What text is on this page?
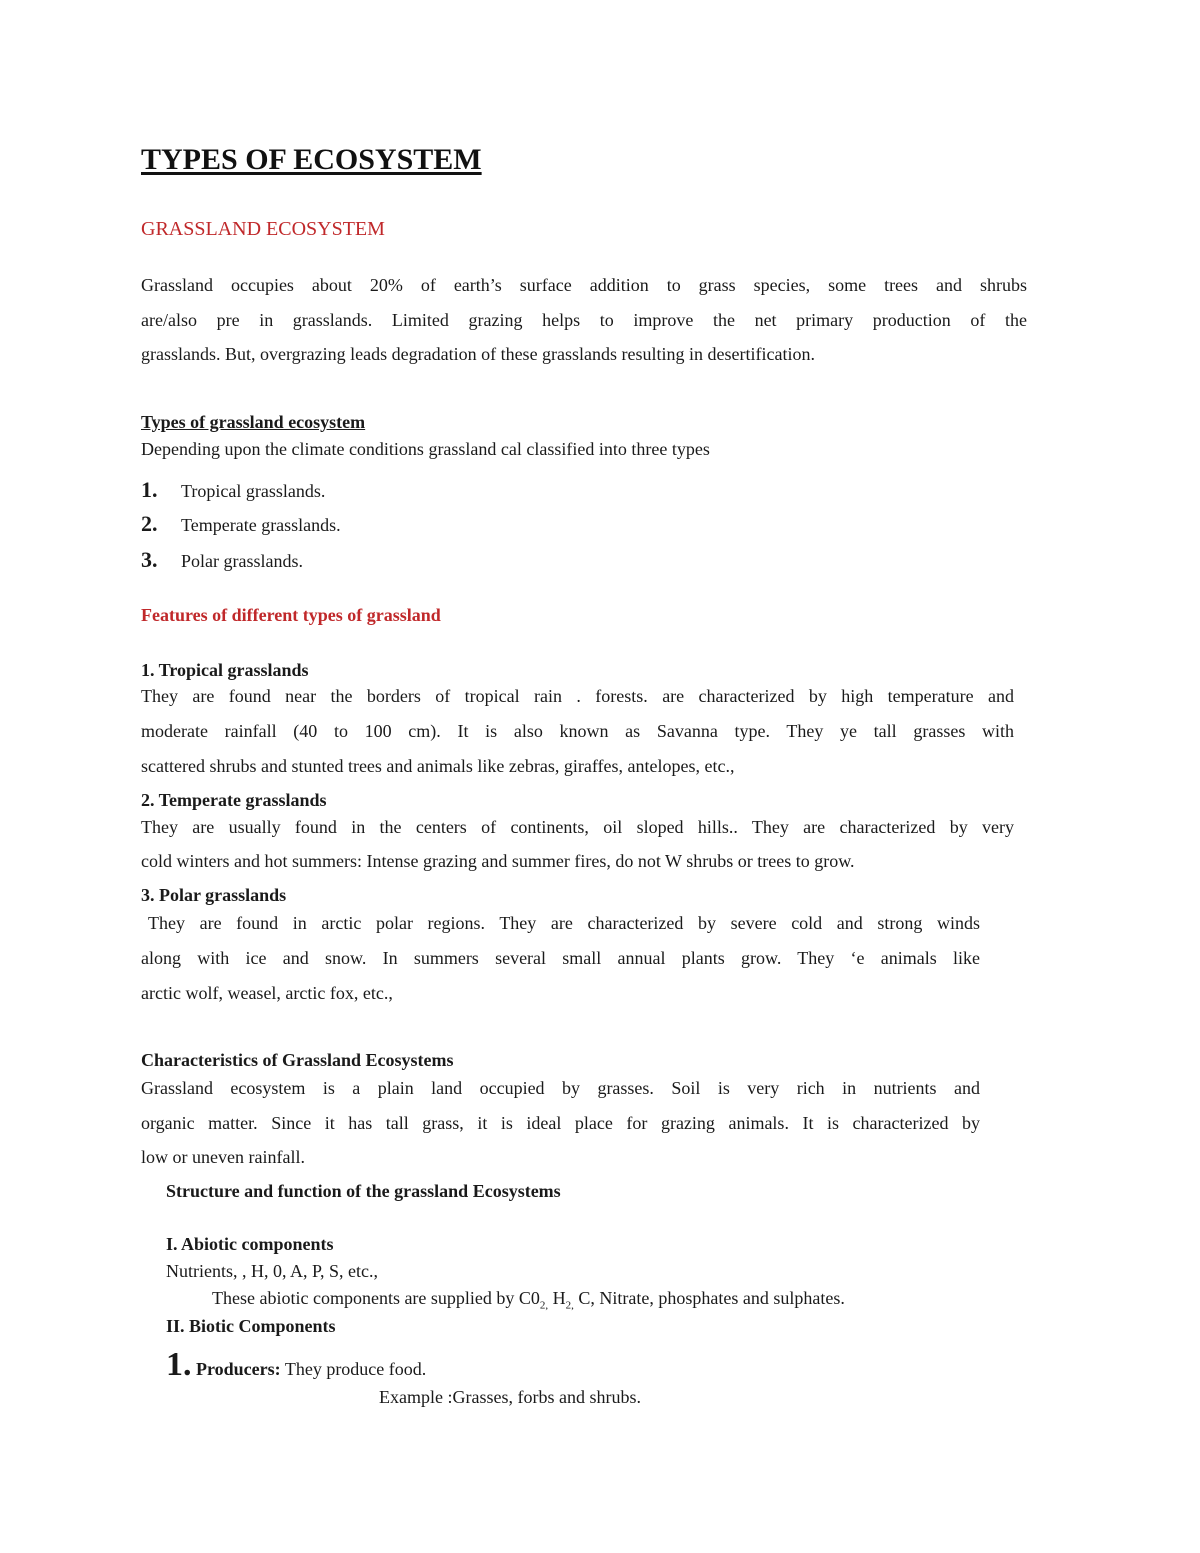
TYPES OF ECOSYSTEM
GRASSLAND ECOSYSTEM
Grassland occupies about 20% of earth’s surface addition to grass species, some trees and shrubs
are/also pre in grasslands. Limited grazing helps to improve the net primary production of the
grasslands. But, overgrazing leads degradation of these grasslands resulting in desertification.
Types of grassland ecosystem
Depending upon the climate conditions grassland cal classified into three types
1. Tropical grasslands.
2. Temperate grasslands.
3. Polar grasslands.
Features of different types of grassland
1. Tropical grasslands
They are found near the borders of tropical rain . forests. are characterized by high temperature and
moderate rainfall (40 to 100 cm). It is also known as Savanna type. They ye tall grasses with
scattered shrubs and stunted trees and animals like zebras, giraffes, antelopes, etc.,
2. Temperate grasslands
They are usually found in the centers of continents, oil sloped hills.. They are characterized by very
cold winters and hot summers: Intense grazing and summer fires, do not W shrubs or trees to grow.
3. Polar grasslands
They are found in arctic polar regions. They are characterized by severe cold and strong winds
along with ice and snow. In summers several small annual plants grow. They ‘e animals like
arctic wolf, weasel, arctic fox, etc.,
Characteristics of Grassland Ecosystems
Grassland ecosystem is a plain land occupied by grasses. Soil is very rich in nutrients and
organic matter. Since it has tall grass, it is ideal place for grazing animals. It is characterized by
low or uneven rainfall.
Structure and function of the grassland Ecosystems
I. Abiotic components
Nutrients, , H, 0, A, P, S, etc.,
These abiotic components are supplied by $C0_{2,}$ $H_{2,}$ C, Nitrate, phosphates and sulphates.
II. Biotic Components
1. Producers: They produce food.
Example :Grasses, forbs and shrubs.
